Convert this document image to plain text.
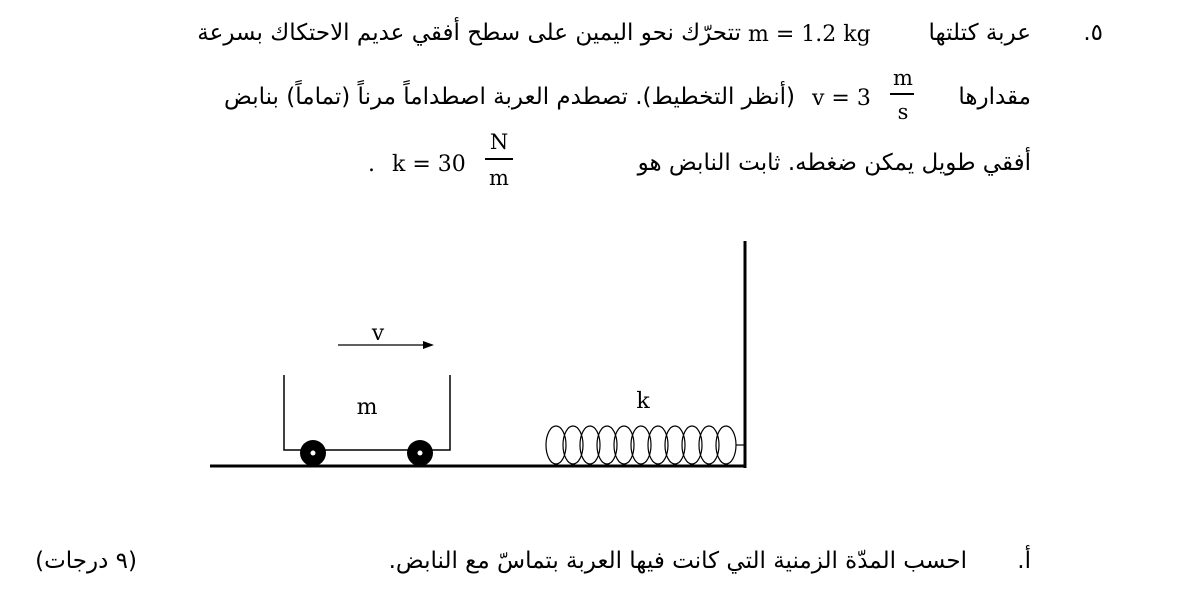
٥.
عربة كتلتها
m = 1.2 kg
تتحرّك نحو اليمين على سطح أفقي عديم الاحتكاك بسرعة
مقدارها
v = 3
m
s
(أنظر التخطيط). تصطدم العربة اصطداماً مرناً (تماماً) بنابض
أفقي طويل يمكن ضغطه. ثابت النابض هو
k = 30
N
m
.
v
m	k
أ.
احسب المدّة الزمنية التي كانت فيها العربة بتماسّ مع النابض.
(٩ درجات)
